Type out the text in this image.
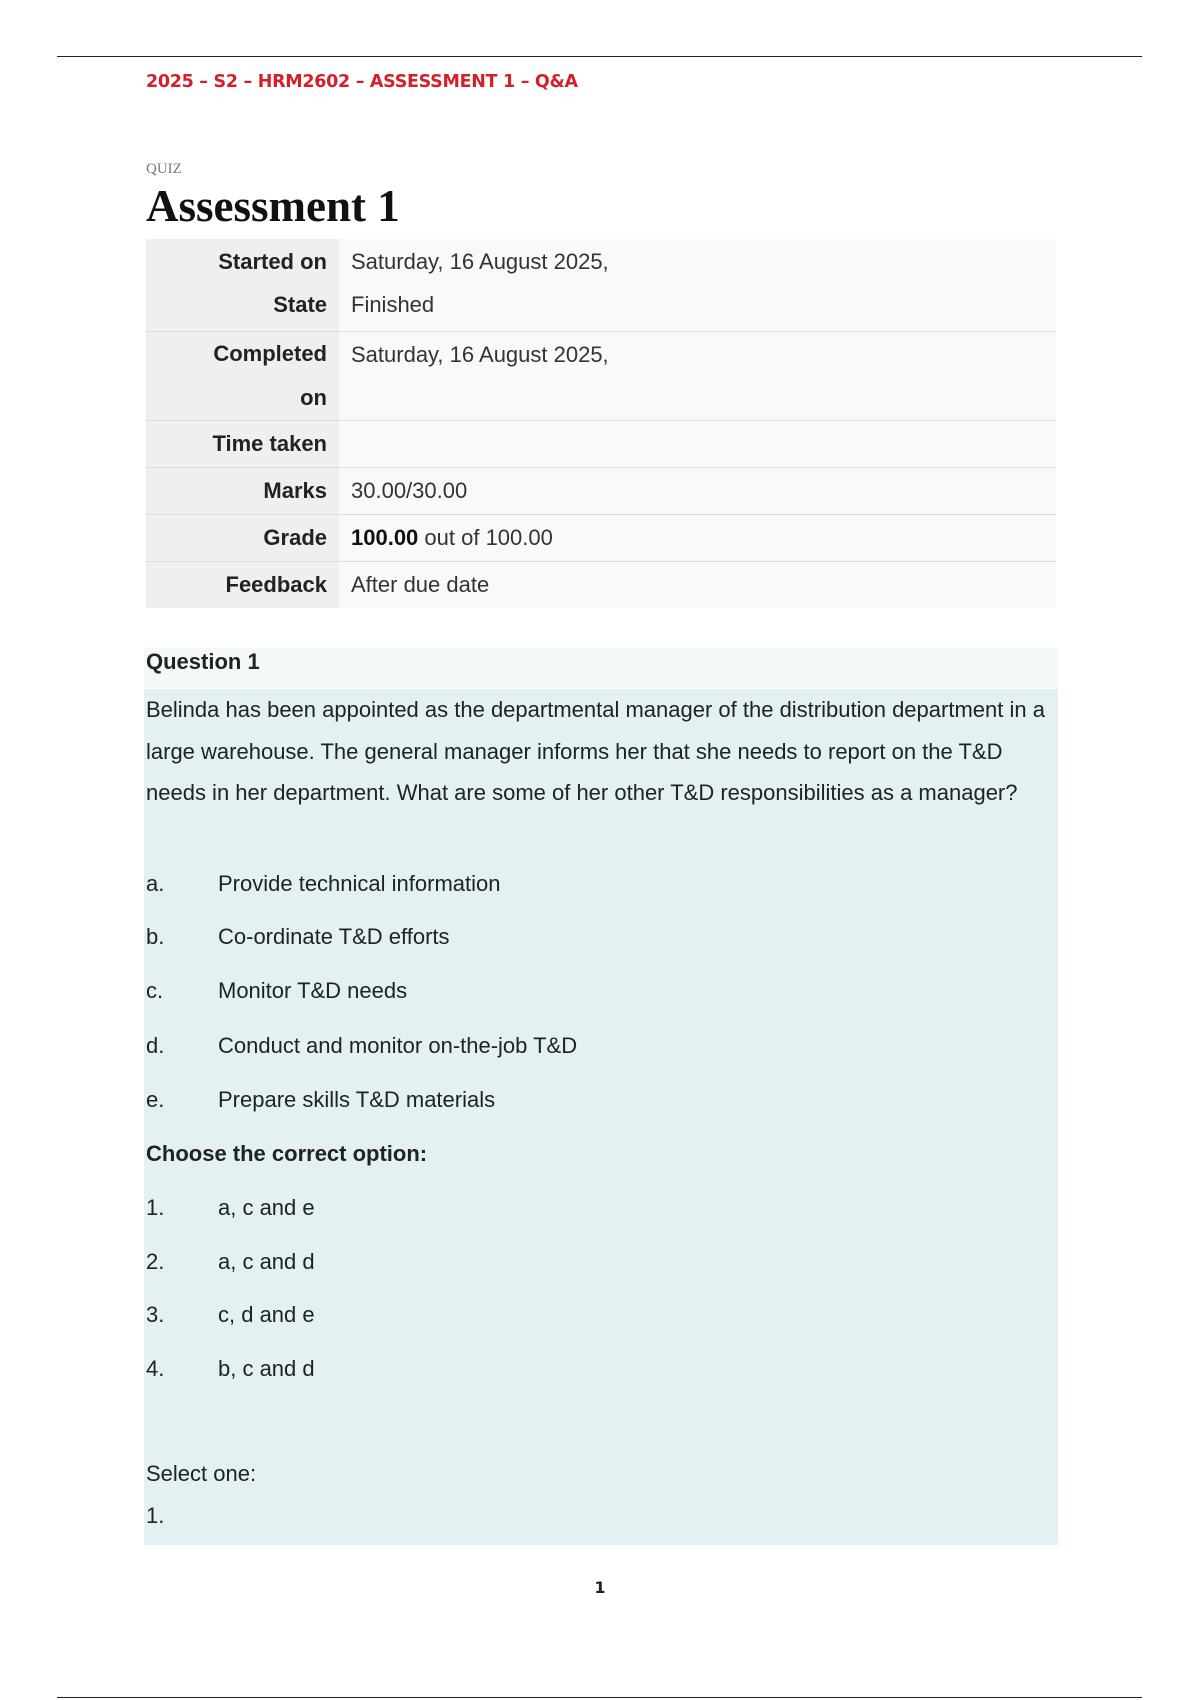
2025 – S2 – HRM2602 – ASSESSMENT 1 – Q&A
QUIZ
Assessment 1
Started on	Saturday, 16 August 2025,
State	Finished

Completed
on	Saturday, 16 August 2025,
Time taken	
Marks	30.00/30.00
Grade	100.00 out of 100.00
Feedback	After due date
Question 1
Belinda has been appointed as the departmental manager of the distribution department in a large warehouse. The general manager informs her that she needs to report on the T&D needs in her department. What are some of her other T&D responsibilities as a manager?
a.	Provide technical information
b.	Co-ordinate T&D efforts
c.	Monitor T&D needs
d.	Conduct and monitor on-the-job T&D
e.	Prepare skills T&D materials
Choose the correct option:
1.	a, c and e
2.	a, c and d
3.	c, d and e
4.	b, c and d
Select one:
1.
1
